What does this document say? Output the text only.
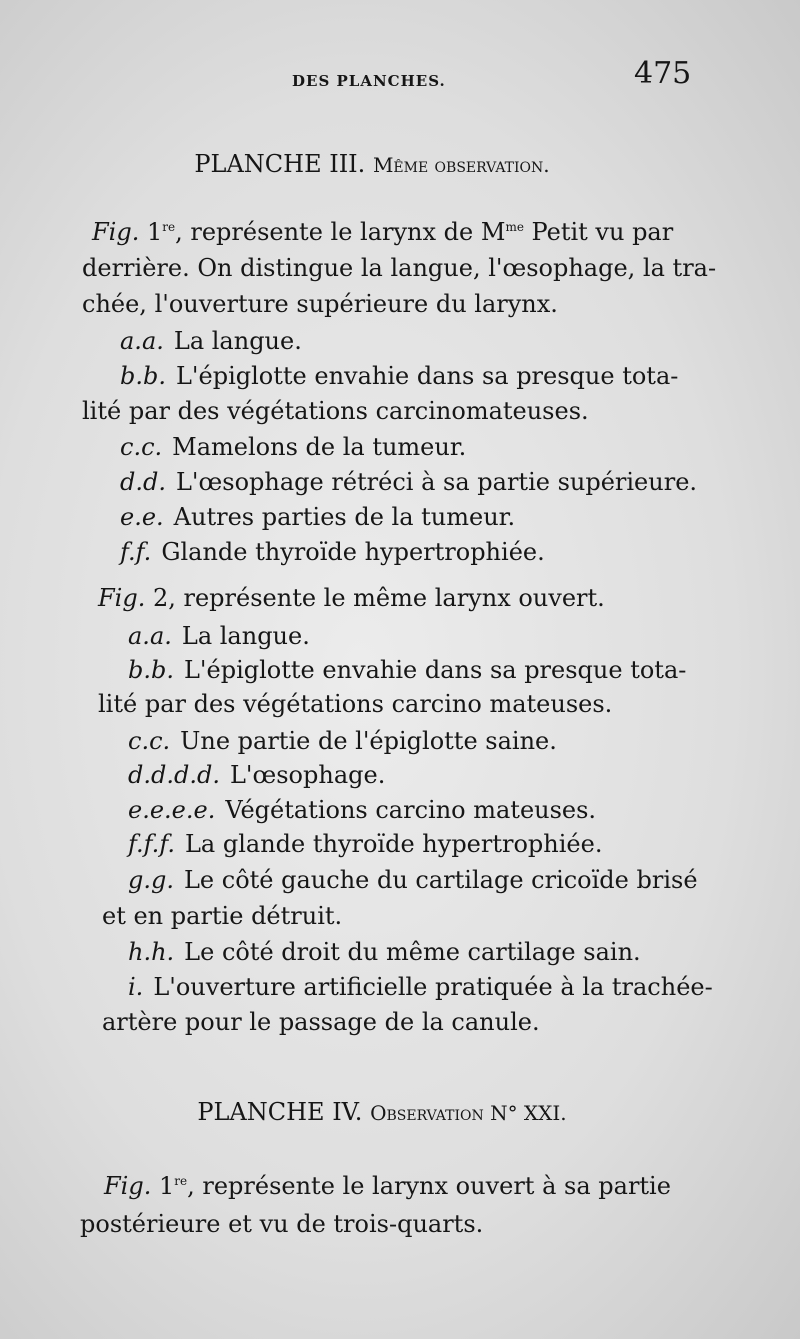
DES PLANCHES.	475
PLANCHE III. Même observation.
Fig. 1re, représente le larynx de $M^{me}$ Petit vu par
derrière. On distingue la langue, l'œsophage, la tra-
chée, l'ouverture supérieure du larynx.
a.a. La langue.
b.b. L'épiglotte envahie dans sa presque tota-
lité par des végétations carcinomateuses.
c.c. Mamelons de la tumeur.
d.d. L'œsophage rétréci à sa partie supérieure.
e.e. Autres parties de la tumeur.
f.f. Glande thyroïde hypertrophiée.
Fig. 2, représente le même larynx ouvert.
a.a. La langue.
b.b. L'épiglotte envahie dans sa presque tota-
lité par des végétations carcino mateuses.
c.c. Une partie de l'épiglotte saine.
d.d.d.d. L'œsophage.
e.e.e.e. Végétations carcino mateuses.
f.f.f. La glande thyroïde hypertrophiée.
g.g. Le côté gauche du cartilage cricoïde brisé
et en partie détruit.
h.h. Le côté droit du même cartilage sain.
i. L'ouverture artificielle pratiquée à la trachée-
artère pour le passage de la canule.
PLANCHE IV. Observation N° XXI.
Fig. 1re, représente le larynx ouvert à sa partie
postérieure et vu de trois-quarts.
